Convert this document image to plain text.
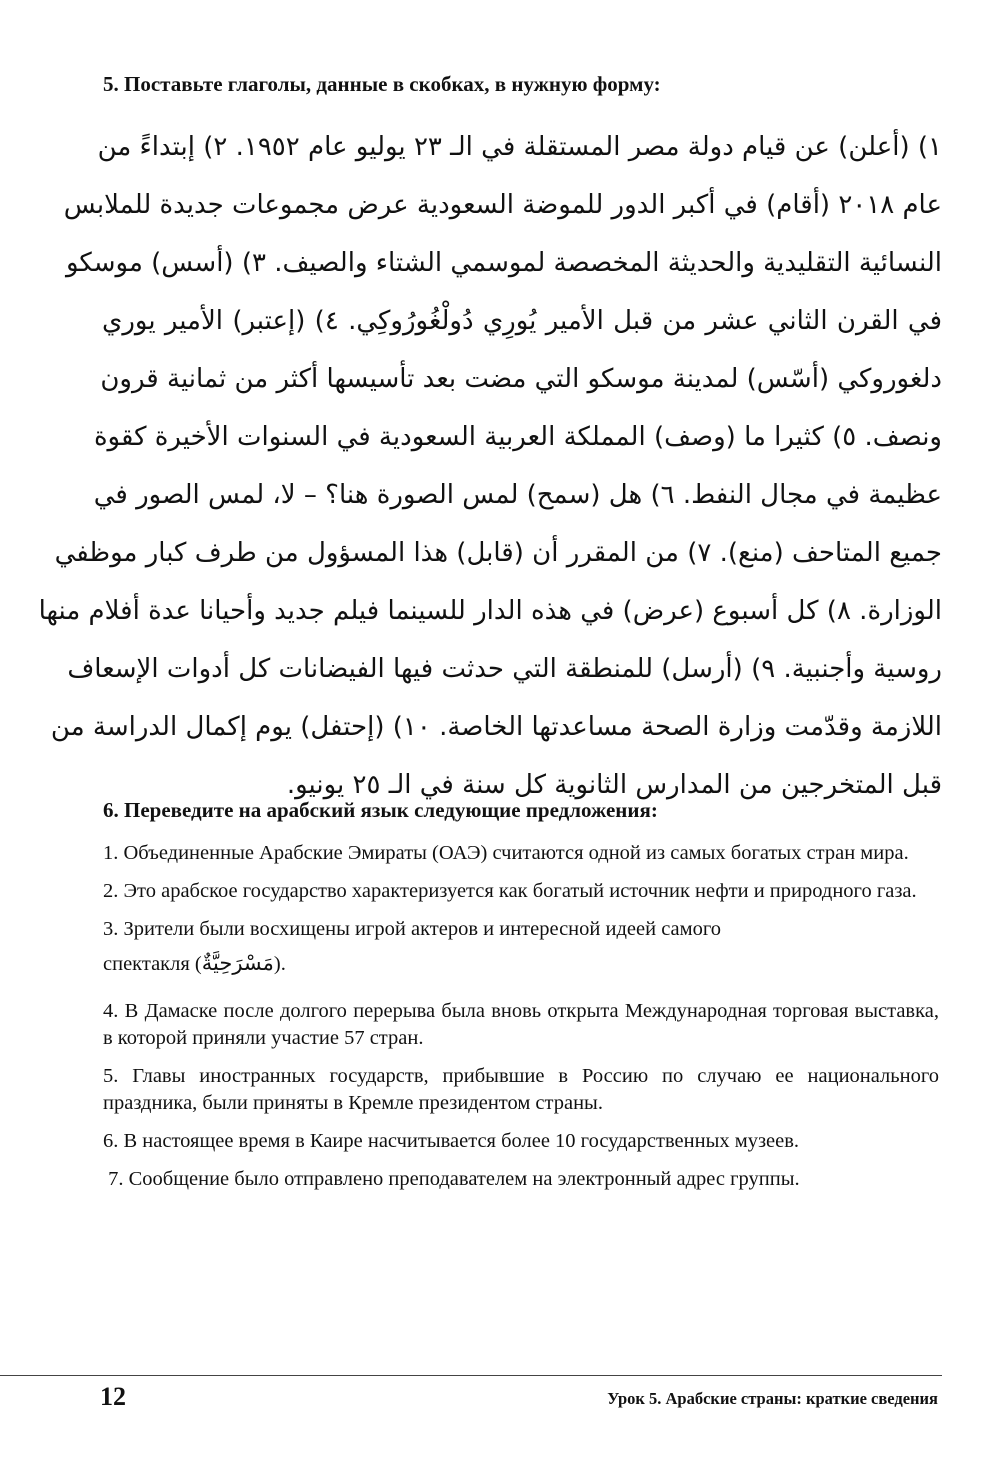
5. Поставьте глаголы, данные в скобках, в нужную форму:
١) (أعلن) عن قيام دولة مصر المستقلة في الـ ٢٣ يوليو عام ١٩٥٢. ٢) إبتداءً من
عام ٢٠١٨ (أقام) في أكبر الدور للموضة السعودية عرض مجموعات جديدة للملابس
النسائية التقليدية والحديثة المخصصة لموسمي الشتاء والصيف. ٣) (أسس) موسكو
في القرن الثاني عشر من قبل الأمير يُورِي دُولْغُورُوكِي. ٤) (إعتبر) الأمير يوري
دلغوروكي (أسّس) لمدينة موسكو التي مضت بعد تأسيسها أكثر من ثمانية قرون
ونصف. ٥) كثيرا ما (وصف) المملكة العربية السعودية في السنوات الأخيرة كقوة
عظيمة في مجال النفط. ٦) هل (سمح) لمس الصورة هنا؟ – لا، لمس الصور في
جميع المتاحف (منع). ٧) من المقرر أن (قابل) هذا المسؤول من طرف كبار موظفي
الوزارة. ٨) كل أسبوع (عرض) في هذه الدار للسينما فيلم جديد وأحيانا عدة أفلام منها
روسية وأجنبية. ٩) (أرسل) للمنطقة التي حدثت فيها الفيضانات كل أدوات الإسعاف
اللازمة وقدّمت وزارة الصحة مساعدتها الخاصة. ١٠) (إحتفل) يوم إكمال الدراسة من
قبل المتخرجين من المدارس الثانوية كل سنة في الـ ٢٥ يونيو.
6. Переведите на арабский язык следующие предложения:
1. Объединенные Арабские Эмираты (ОАЭ) считаются одной из самых богатых стран мира.
2. Это арабское государство характеризуется как богатый источник нефти и природного газа.
3. Зрители были восхищены игрой актеров и интересной идеей самого
спектакля (مَسْرَحِيَّةٌ).
4. В Дамаске после долгого перерыва была вновь открыта Международная торговая выставка, в которой приняли участие 57 стран.
5. Главы иностранных государств, прибывшие в Россию по случаю ее национального праздника, были приняты в Кремле президентом страны.
6. В настоящее время в Каире насчитывается более 10 государственных музеев.
7. Сообщение было отправлено преподавателем на электронный адрес группы.
12	Урок 5. Арабские страны: краткие сведения
